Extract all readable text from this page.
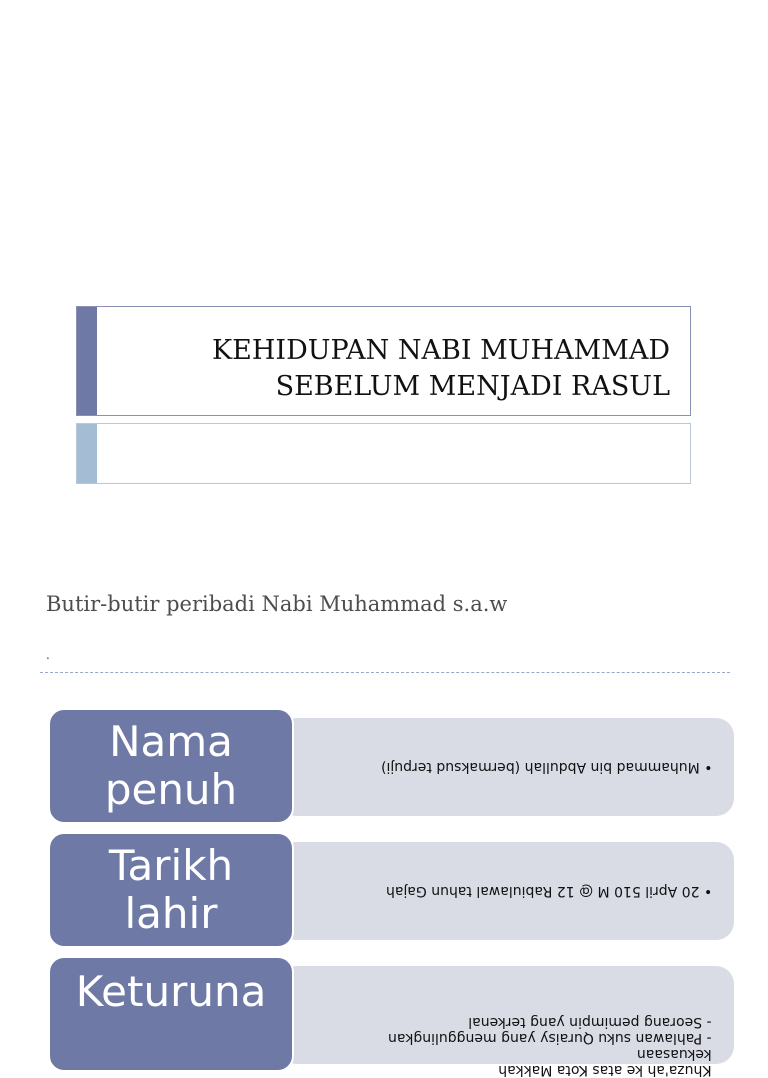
KEHIDUPAN NABI MUHAMMAD
SEBELUM MENJADI RASUL
Butir-butir peribadi Nabi Muhammad s.a.w
.
• Muhammad bin Abdullah (bermaksud terpuji)
Nama
penuh
• 20 April 510 M @ 12 Rabiulawal tahun Gajah
Tarikh
lahir
Khuza'ah ke atas Kota Makkah
kekuasaan
- Pahlawan suku Quraisy yang menggulingkan
- Seorang pemimpin yang terkenal
Keturuna
